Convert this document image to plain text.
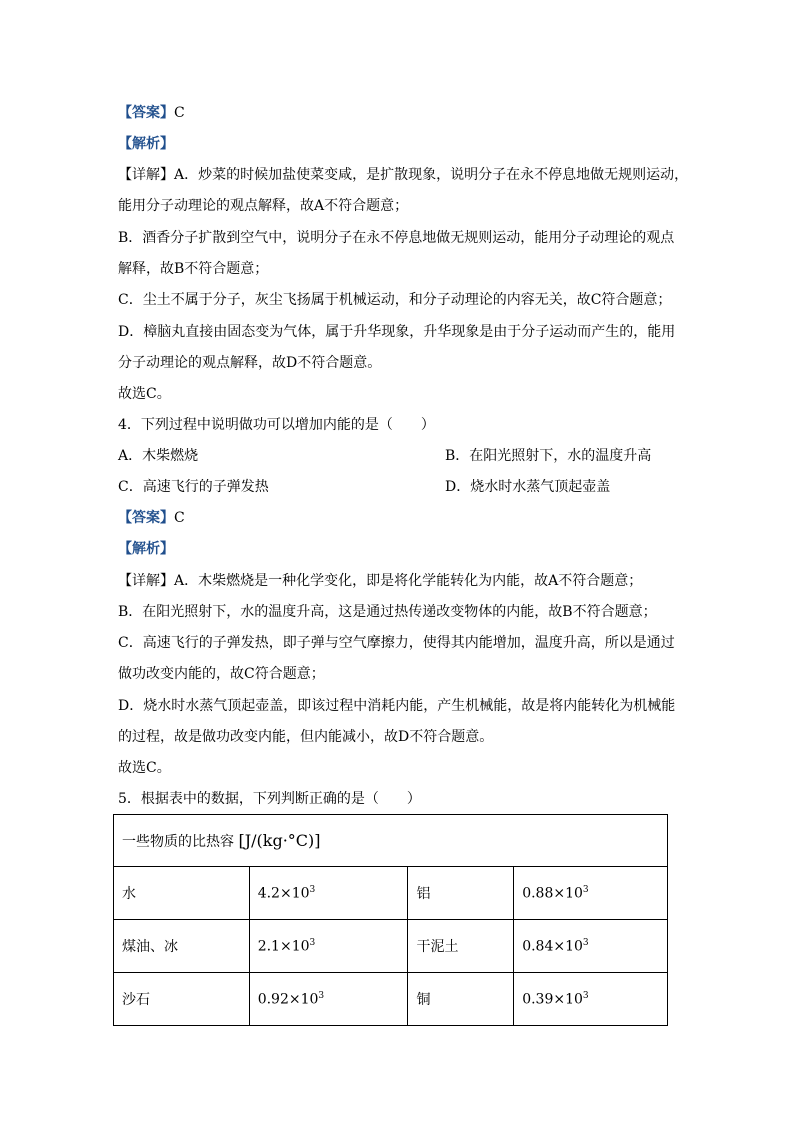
【答案】C
【解析】
【详解】A．炒菜的时候加盐使菜变咸，是扩散现象，说明分子在永不停息地做无规则运动，
能用分子动理论的观点解释，故A不符合题意；
B．酒香分子扩散到空气中，说明分子在永不停息地做无规则运动，能用分子动理论的观点
解释，故B不符合题意；
C．尘土不属于分子，灰尘飞扬属于机械运动，和分子动理论的内容无关，故C符合题意；
D．樟脑丸直接由固态变为气体，属于升华现象，升华现象是由于分子运动而产生的，能用
分子动理论的观点解释，故D不符合题意。
故选C。
4．下列过程中说明做功可以增加内能的是（　　）
A．木柴燃烧	B．在阳光照射下，水的温度升高
C．高速飞行的子弹发热	D．烧水时水蒸气顶起壶盖
【答案】C
【解析】
【详解】A．木柴燃烧是一种化学变化，即是将化学能转化为内能，故A不符合题意；
B．在阳光照射下，水的温度升高，这是通过热传递改变物体的内能，故B不符合题意；
C．高速飞行的子弹发热，即子弹与空气摩擦力，使得其内能增加，温度升高，所以是通过
做功改变内能的，故C符合题意；
D．烧水时水蒸气顶起壶盖，即该过程中消耗内能，产生机械能，故是将内能转化为机械能
的过程，故是做功改变内能，但内能减小，故D不符合题意。
故选C。
5．根据表中的数据，下列判断正确的是（　　）
一些物质的比热容 [J/(kg·°C)]			
水	$4.2\times 10^3$	铝	$0.88\times 10^3$
煤油、冰	$2.1\times 10^3$	干泥土	$0.84\times 10^3$
沙石	$0.92\times 10^3$	铜	$0.39\times 10^3$
